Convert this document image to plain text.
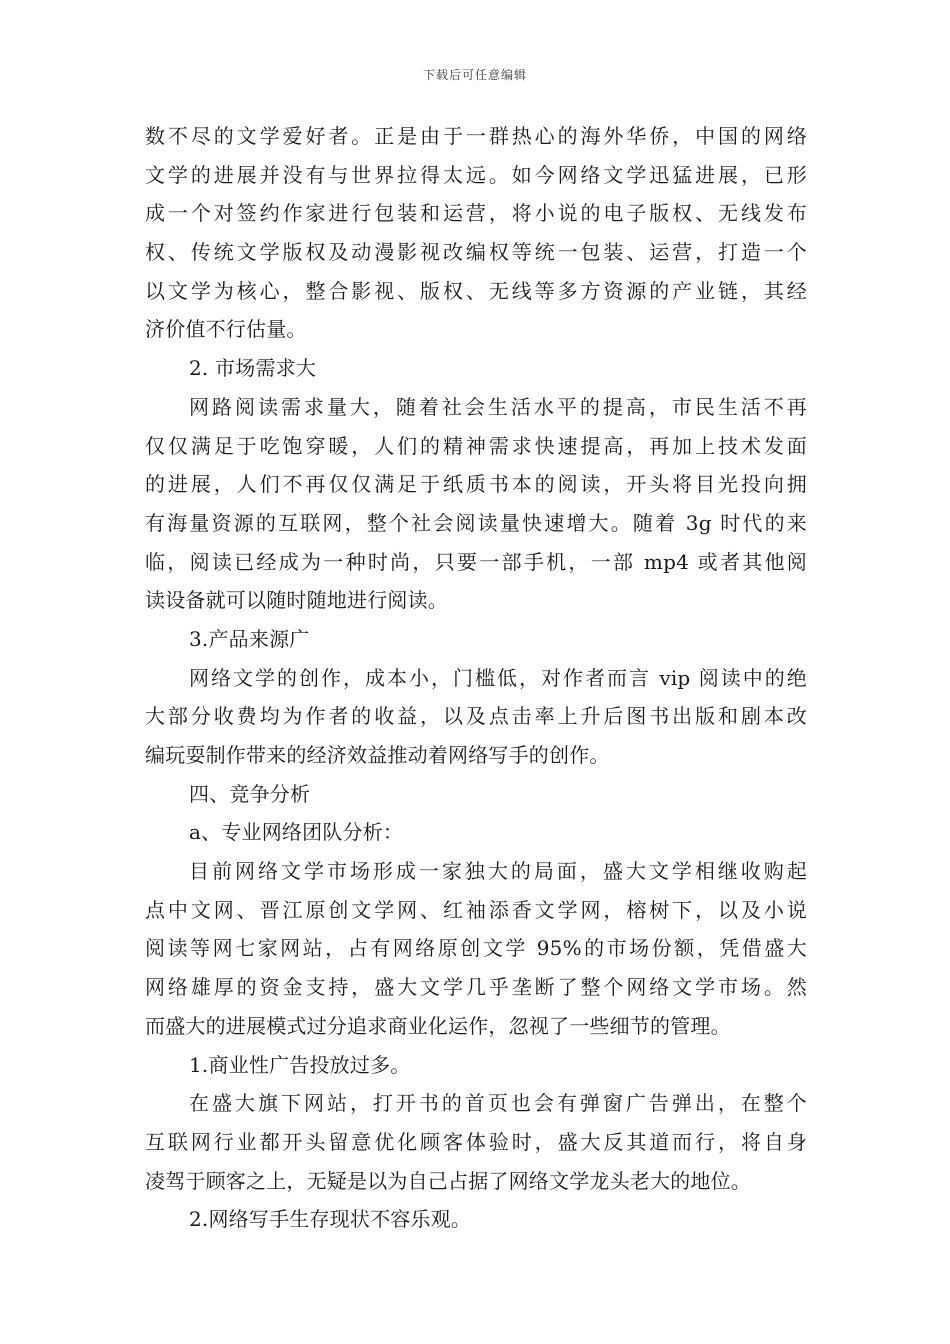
下载后可任意编辑
数不尽的文学爱好者。正是由于一群热心的海外华侨，中国的网络
文学的进展并没有与世界拉得太远。如今网络文学迅猛进展，已形
成一个对签约作家进行包装和运营，将小说的电子版权、无线发布
权、传统文学版权及动漫影视改编权等统一包装、运营，打造一个
以文学为核心，整合影视、版权、无线等多方资源的产业链，其经
济价值不行估量。
2. 市场需求大
网路阅读需求量大，随着社会生活水平的提高，市民生活不再
仅仅满足于吃饱穿暖，人们的精神需求快速提高，再加上技术发面
的进展，人们不再仅仅满足于纸质书本的阅读，开头将目光投向拥
有海量资源的互联网，整个社会阅读量快速增大。随着 3g 时代的来
临，阅读已经成为一种时尚，只要一部手机，一部 mp4 或者其他阅
读设备就可以随时随地进行阅读。
3.产品来源广
网络文学的创作，成本小，门槛低，对作者而言 vip 阅读中的绝
大部分收费均为作者的收益，以及点击率上升后图书出版和剧本改
编玩耍制作带来的经济效益推动着网络写手的创作。
四、竞争分析
a、专业网络团队分析：
目前网络文学市场形成一家独大的局面，盛大文学相继收购起
点中文网、晋江原创文学网、红袖添香文学网，榕树下，以及小说
阅读等网七家网站，占有网络原创文学 95%的市场份额，凭借盛大
网络雄厚的资金支持，盛大文学几乎垄断了整个网络文学市场。然
而盛大的进展模式过分追求商业化运作，忽视了一些细节的管理。
1.商业性广告投放过多。
在盛大旗下网站，打开书的首页也会有弹窗广告弹出，在整个
互联网行业都开头留意优化顾客体验时，盛大反其道而行，将自身
凌驾于顾客之上，无疑是以为自己占据了网络文学龙头老大的地位。
2.网络写手生存现状不容乐观。
